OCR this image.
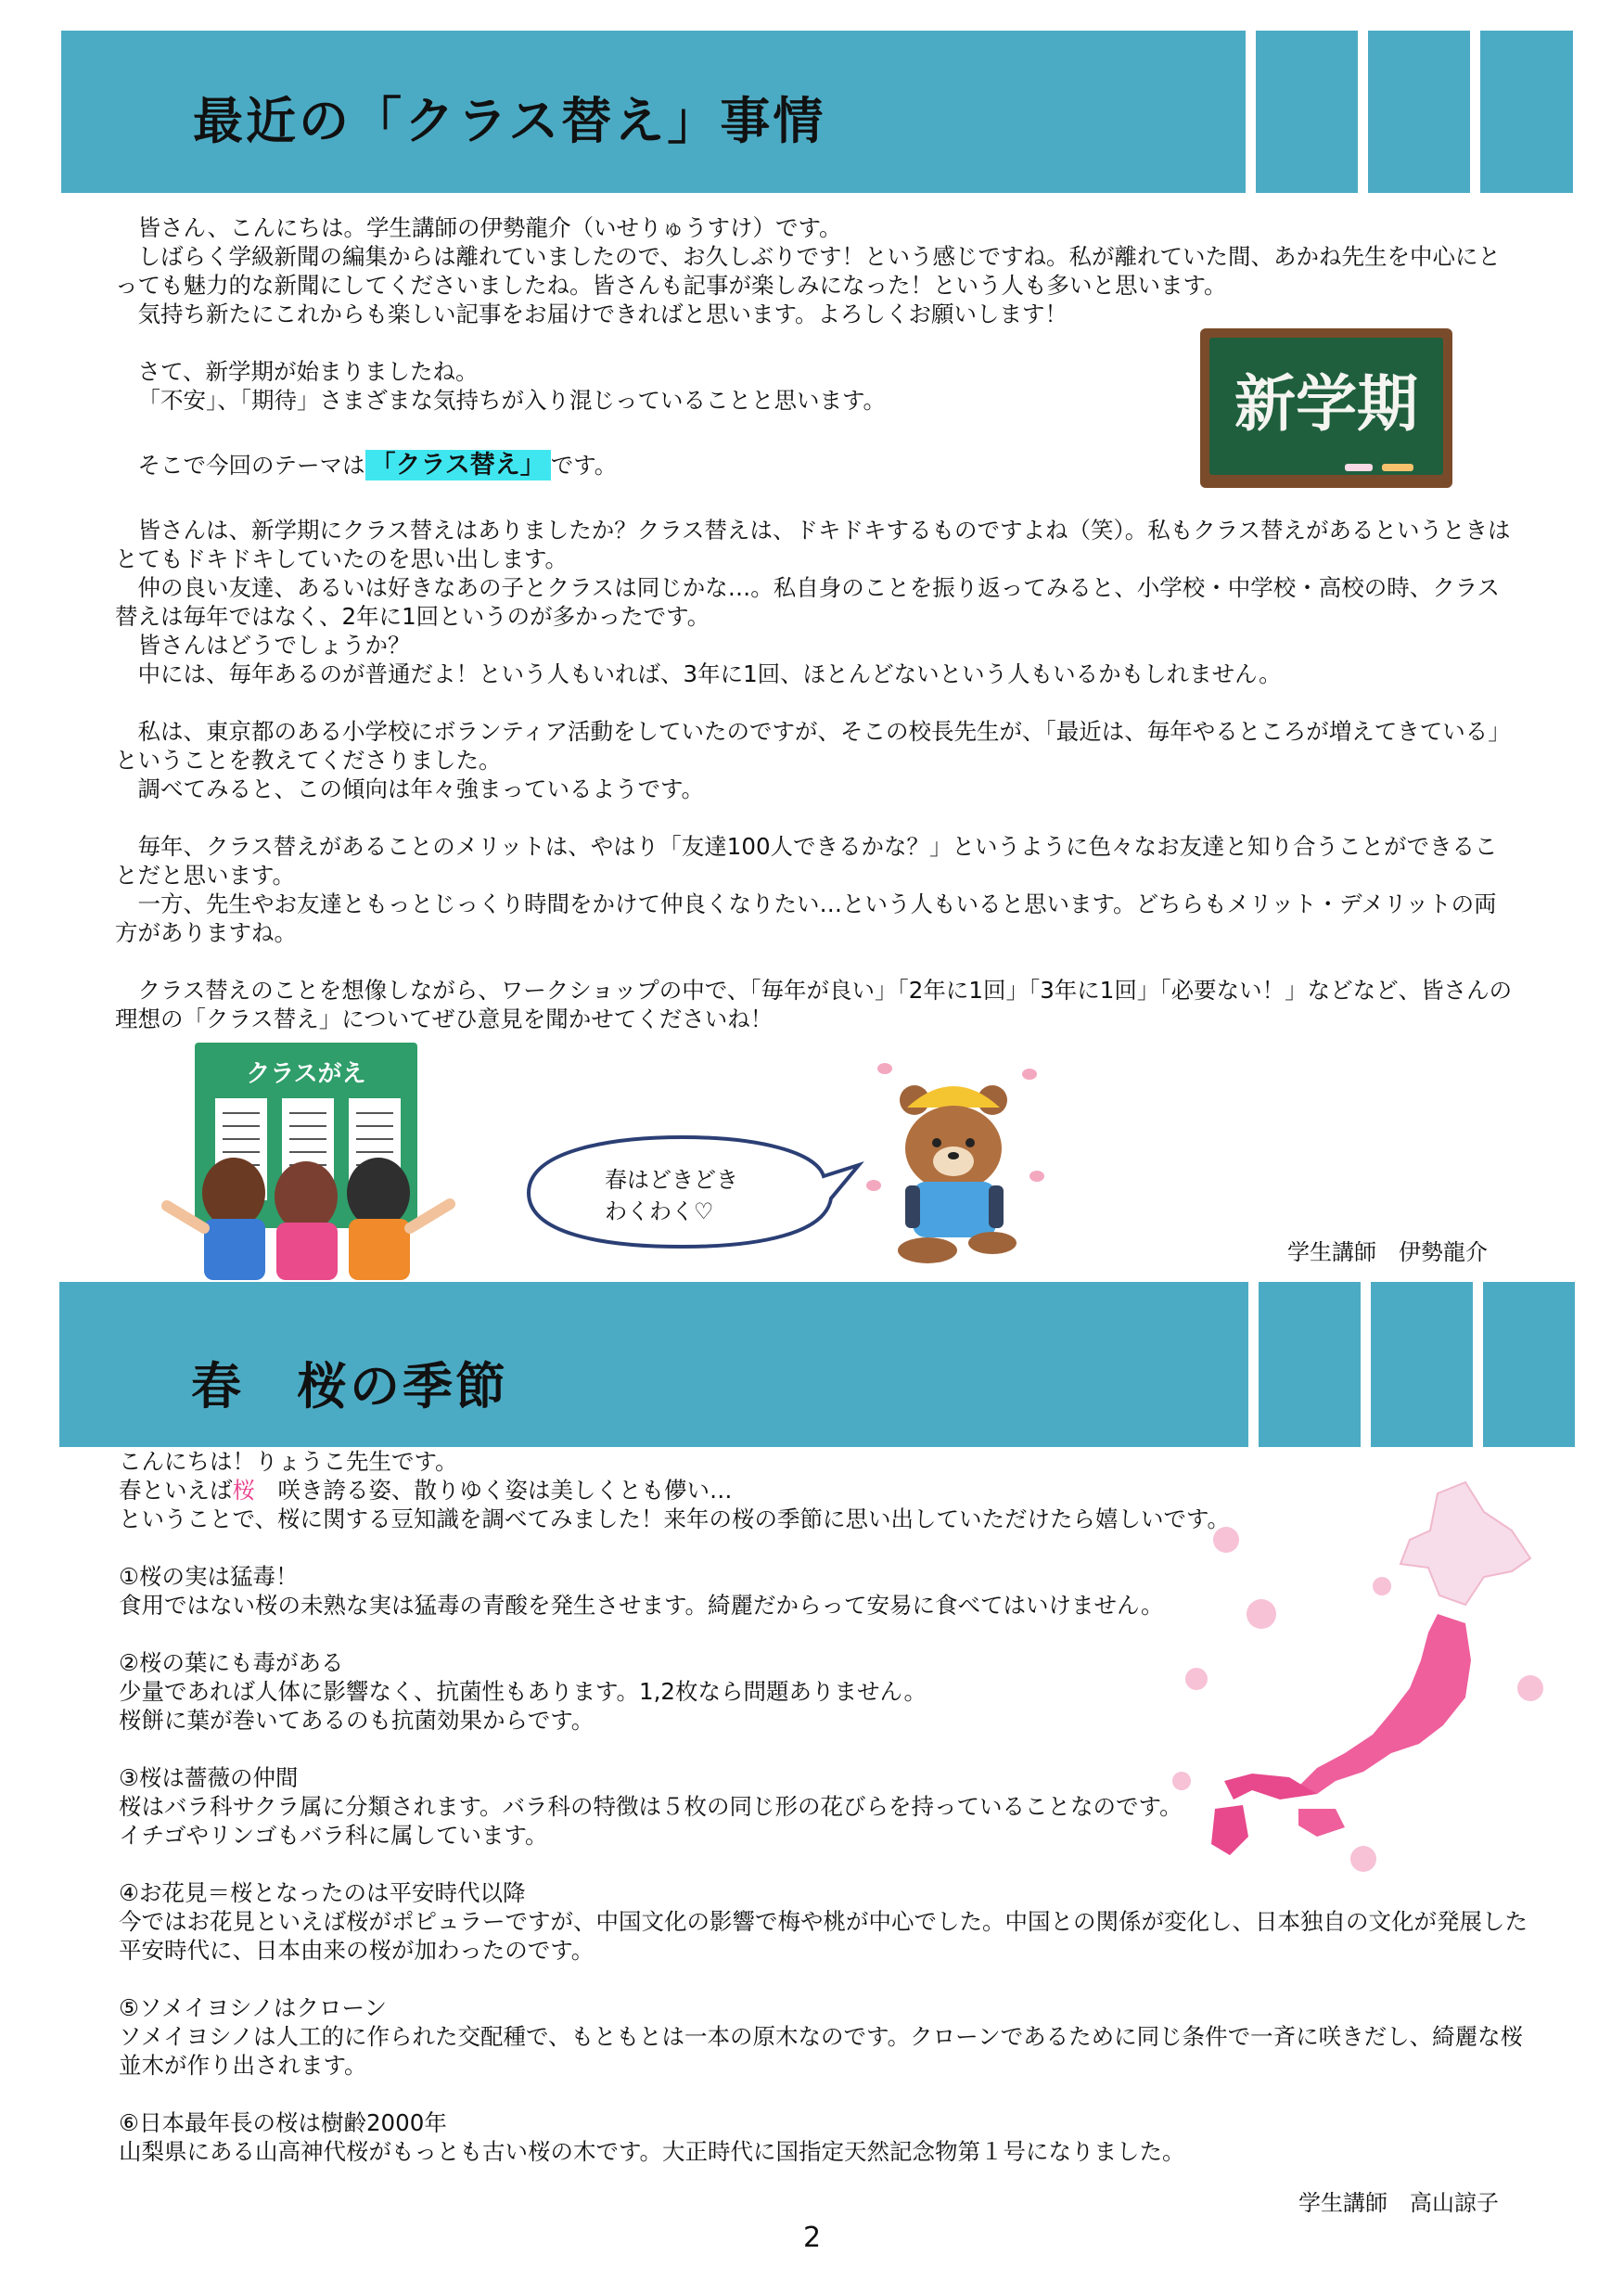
最近の「クラス替え」事情
新学期

皆さん、こんにちは。学生講師の伊勢龍介（いせりゅうすけ）です。

しばらく学級新聞の編集からは離れていましたので、お久しぶりです！という感じですね。私が離れていた間、あかね先生を中心にとっても魅力的な新聞にしてくださいましたね。皆さんも記事が楽しみになった！という人も多いと思います。

気持ち新たにこれからも楽しい記事をお届けできればと思います。よろしくお願いします！

さて、新学期が始まりましたね。

「不安」、「期待」さまざまな気持ちが入り混じっていることと思います。

そこで今回のテーマは 「クラス替え」 です。

皆さんは、新学期にクラス替えはありましたか？クラス替えは、ドキドキするものですよね（笑）。私もクラス替えがあるというときはとてもドキドキしていたのを思い出します。

仲の良い友達、あるいは好きなあの子とクラスは同じかな…。私自身のことを振り返ってみると、小学校・中学校・高校の時、クラス替えは毎年ではなく、2年に1回というのが多かったです。

皆さんはどうでしょうか？

中には、毎年あるのが普通だよ！という人もいれば、3年に1回、ほとんどないという人もいるかもしれません。

私は、東京都のある小学校にボランティア活動をしていたのですが、そこの校長先生が、「最近は、毎年やるところが増えてきている」ということを教えてくださりました。

調べてみると、この傾向は年々強まっているようです。

毎年、クラス替えがあることのメリットは、やはり「友達100人できるかな？」というように色々なお友達と知り合うことができることだと思います。

一方、先生やお友達ともっとじっくり時間をかけて仲良くなりたい…という人もいると思います。どちらもメリット・デメリットの両方がありますね。

クラス替えのことを想像しながら、ワークショップの中で、「毎年が良い」「2年に1回」「3年に1回」「必要ない！」などなど、皆さんの理想の「クラス替え」についてぜひ意見を聞かせてくださいね！

クラスがえ
春はどきどき
わくわく♡
学生講師　伊勢龍介
春　桜の季節

こんにちは！りょうこ先生です。

春といえば桜　咲き誇る姿、散りゆく姿は美しくとも儚い…

ということで、桜に関する豆知識を調べてみました！来年の桜の季節に思い出していただけたら嬉しいです。

①桜の実は猛毒！

食用ではない桜の未熟な実は猛毒の青酸を発生させます。綺麗だからって安易に食べてはいけません。

②桜の葉にも毒がある

少量であれば人体に影響なく、抗菌性もあります。1,2枚なら問題ありません。

桜餅に葉が巻いてあるのも抗菌効果からです。

③桜は薔薇の仲間

桜はバラ科サクラ属に分類されます。バラ科の特徴は５枚の同じ形の花びらを持っていることなのです。

イチゴやリンゴもバラ科に属しています。

④お花見＝桜となったのは平安時代以降

今ではお花見といえば桜がポピュラーですが、中国文化の影響で梅や桃が中心でした。中国との関係が変化し、日本独自の文化が発展した平安時代に、日本由来の桜が加わったのです。

⑤ソメイヨシノはクローン

ソメイヨシノは人工的に作られた交配種で、もともとは一本の原木なのです。クローンであるために同じ条件で一斉に咲きだし、綺麗な桜並木が作り出されます。

⑥日本最年長の桜は樹齢2000年

山梨県にある山高神代桜がもっとも古い桜の木です。大正時代に国指定天然記念物第１号になりました。

学生講師　高山諒子
2
